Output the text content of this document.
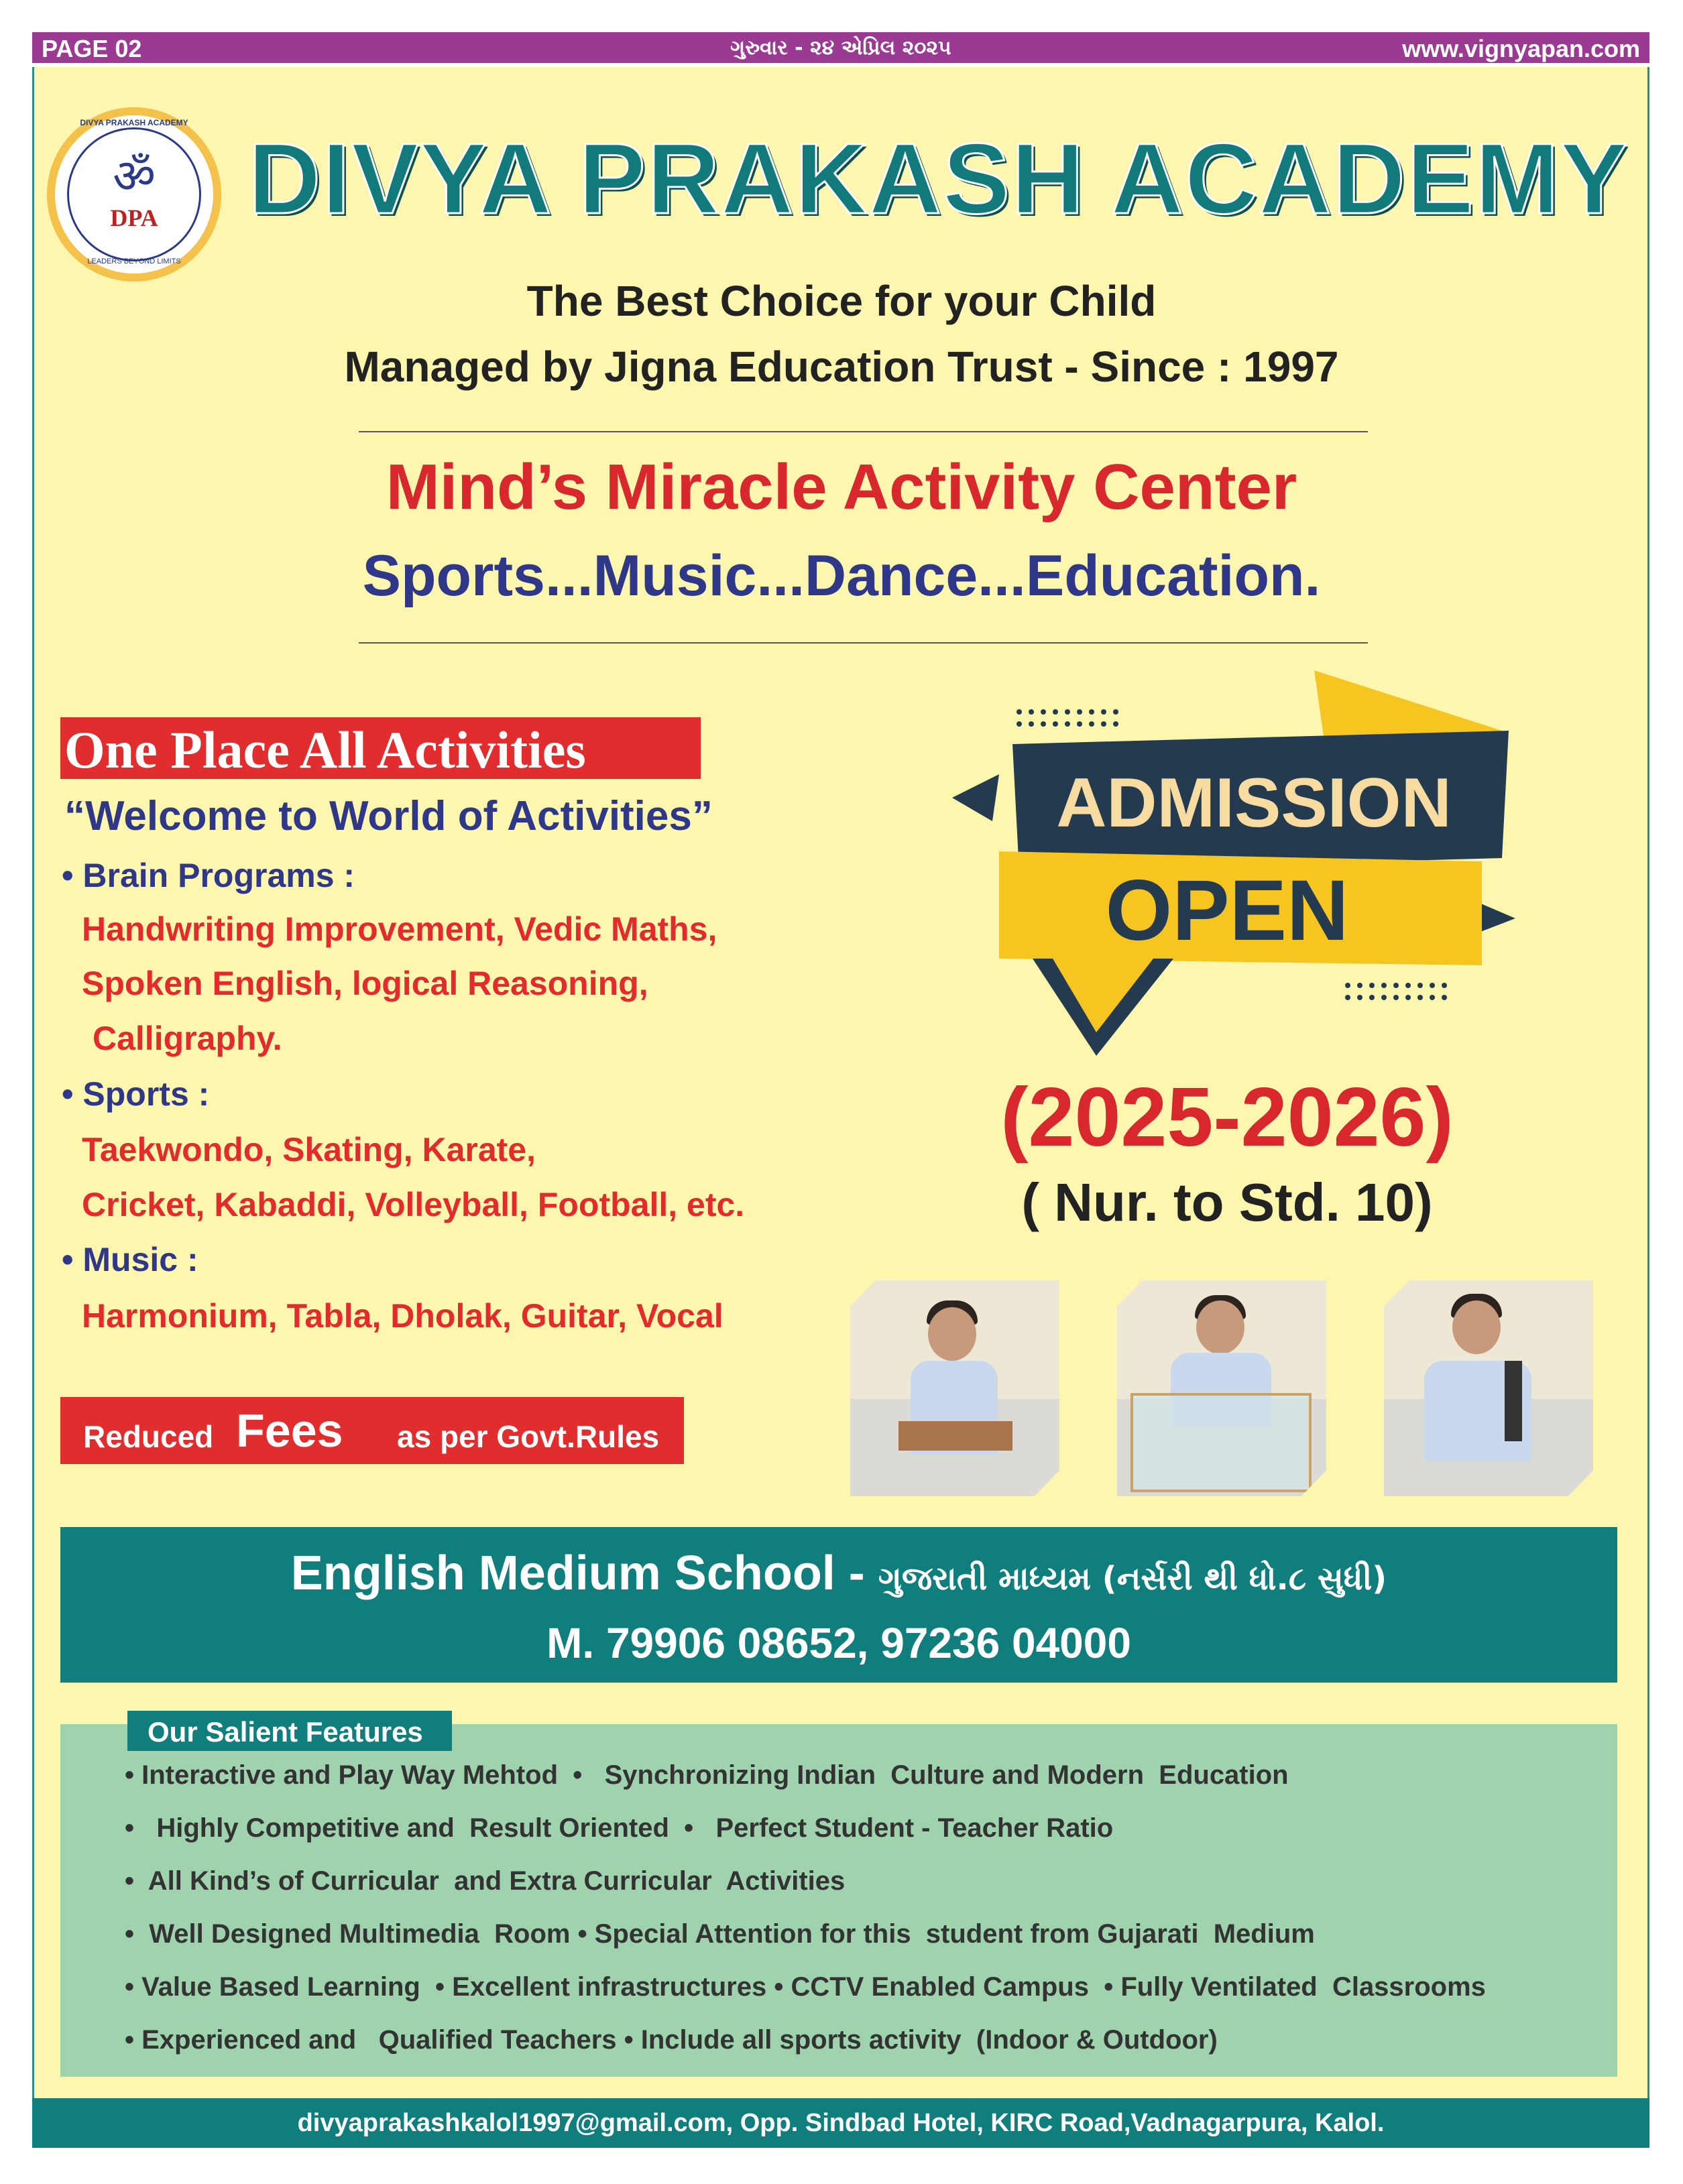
PAGE 02	ગુરુવાર - ૨૪ એપ્રિલ ૨૦૨૫	www.vignyapan.com
DIVYA PRAKASH ACADEMY
ॐ
DPA
LEADERS BEYOND LIMITS
DIVYA PRAKASH ACADEMY
The Best Choice for your Child
Managed by Jigna Education Trust - Since : 1997
Mind’s Miracle Activity Center
Sports...Music...Dance...Education.
One Place All Activities
“Welcome to World of Activities”
• Brain Programs :
Handwriting Improvement, Vedic Maths,
Spoken English, logical Reasoning,
Calligraphy.
• Sports :
Taekwondo, Skating, Karate,
Cricket, Kabaddi, Volleyball, Football, etc.
• Music :
Harmonium, Tabla, Dholak, Guitar, Vocal
Reduced Fees as per Govt.Rules
ADMISSION
OPEN
(2025-2026)
( Nur. to Std. 10)
English Medium School - ગુજરાતી માધ્યમ (નર્સરી થી ધો.૮ સુધી)
M. 79906 08652, 97236 04000
Our Salient Features
• Interactive and Play Way Mehtod  •   Synchronizing Indian  Culture and Modern  Education
•   Highly Competitive and  Result Oriented  •   Perfect Student - Teacher Ratio
•  All Kind’s of Curricular  and Extra Curricular  Activities
•  Well Designed Multimedia  Room • Special Attention for this  student from Gujarati  Medium
• Value Based Learning  • Excellent infrastructures • CCTV Enabled Campus  • Fully Ventilated  Classrooms
• Experienced and   Qualified Teachers • Include all sports activity  (Indoor & Outdoor)
divyaprakashkalol1997@gmail.com, Opp. Sindbad Hotel, KIRC Road,Vadnagarpura, Kalol.
